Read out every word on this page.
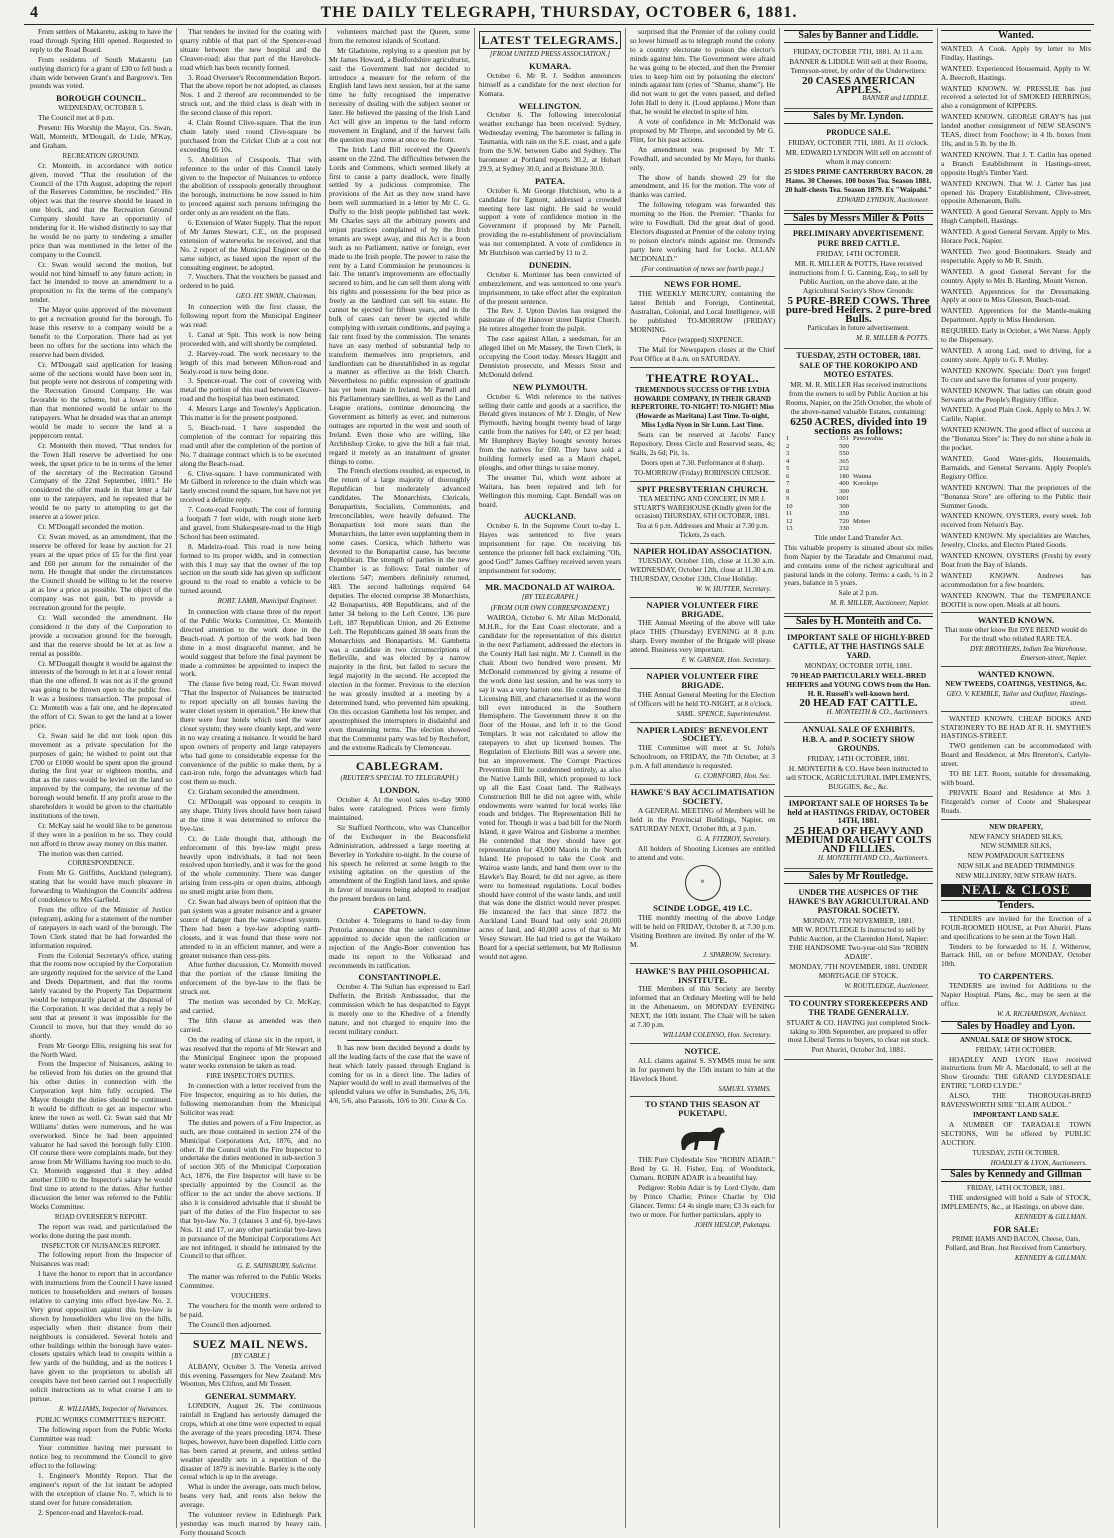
4	THE DAILY TELEGRAPH, THURSDAY, OCTOBER 6, 1881.

From settlers of Makaretu, asking to have the road through Spring Hill opened. Requested to reply to the Road Board.

From residents of South Makaretu (an outlying district) for a grant of £30 to fell bush a chain wide between Grant's and Bargrove's. Ten pounds was voted.

BOROUGH COUNCIL.
WEDNESDAY, OCTOBER 5.

The Council met at 8 p.m.

Present: His Worship the Mayor, Crs. Swan, Wall, Monteith, M'Dougall, de Lisle, M'Kay, and Graham.

RECREATION GROUND.

Cr. Monteith, in accordance with notice given, moved "That the resolution of the Council of the 17th August, adopting the report of the Reserves Committee, be rescinded." His object was that the reserve should be leased in one block, and that the Recreation Ground Company should have an opportunity of tendering for it. He wished distinctly to say that he would be no party to tendering a smaller price than was mentioned in the letter of the company to the Council.

Cr. Swan would second the motion, but would not bind himself to any future action; in fact he intended to move an amendment to a proposition to fix the terms of the company's tender.

The Mayor quite approved of the movement to get a recreation ground for the borough. To lease this reserve to a company would be a benefit to the Corporation. There had as yet been no offers for the sections into which the reserve had been divided.

Cr. M'Dougall said application for leasing some of the sections would have been sent in, but people were not desirous of competing with the Recreation Ground Company. He was favorable to the scheme, but a lower amount than that mentioned would be unfair to the ratepayers. What he dreaded was that an attempt would be made to secure the land at a peppercorn rental.

Cr. Monteith then moved, "That tenders for the Town Hall reserve be advertised for one week, the upset price to be in terms of the letter of the secretary of the Recreation Ground Company of the 22nd September, 1881." He considered the offer made in that letter a fair one to the ratepayers, and he repeated that he would be no party to attempting to get the reserve at a lower price.

Cr. M'Dougall seconded the motion.

Cr. Swan moved, as an amendment, that the reserve be offered for lease by auction for 21 years at the upset price of £5 for the first year and £60 per annum for the remainder of the term. He thought that under the circumstances the Council should be willing to let the reserve at as low a price as possible. The object of the company was not gain, but to provide a recreation ground for the people.

Cr. Wall seconded the amendment. He considered it the duty of the Corporation to provide a recreation ground for the borough, and that the reserve should be let at as low a rental as possible.

Cr. M'Dougall thought it would be against the interests of the borough to let it at a lower rental than the one offered. It was not as if the ground was going to be thrown open to the public free. It was a business transaction. The proposal of Cr. Monteith was a fair one, and he deprecated the effort of Cr. Swan to get the land at a lower price.

Cr. Swan said he did not look upon this movement as a private speculation for the purposes of gain; he wished to point out that £700 or £1000 would be spent upon the ground during the first year or eighteen months, and that as the rates would be levied on the land so improved by the company, the revenue of the borough would benefit. If any profit arose to the shareholders it would be given to the charitable institutions of the town.

Cr. McKay said he would like to be generous if they were in a position to be so. They could not afford to throw away money on this matter.

The motion was then carried.

CORRESPONDENCE.

From Mr G. Griffiths, Auckland (telegram), stating that he would have much pleasure in forwarding to Washington the Councils' address of condolence to Mrs Garfield.

From the office of the Minister of Justice (telegram), asking for a statement of the number of ratepayers in each ward of the borough. The Town Clerk stated that he had forwarded the information required.

From the Colonial Secretary's office, stating that the rooms now occupied by the Corporation are urgently required for the service of the Land and Deeds Department, and that the rooms lately vacated by the Property Tax Department would be temporarily placed at the disposal of the Corporation. It was decided that a reply be sent that at present it was impossible for the Council to move, but that they would do so shortly.

From Mr George Ellis, resigning his seat for the North Ward.

From the Inspector of Nuisances, asking to be relieved from his duties on the ground that his other duties in connection with the Corporation kept him fully occupied. The Mayor thought the duties should be continued. It would be difficult to get an inspector who knew the town as well. Cr. Swan said that Mr Williams' duties were numerous, and he was overworked. Since he had been appointed valuator he had saved the borough fully £100. Of course there were complaints made, but they arose from Mr Williams having too much to do. Cr. Monteith suggested that it they added another £100 to the Inspector's salary he would find time to attend to the duties. After further discussion the letter was referred to the Public Works Committee.

ROAD OVERSEER'S REPORT.

The report was read, and particularised the works done during the past month.

INSPECTOR OF NUISANCES REPORT.

The following report from the Inspector of Nuisances was read:

I have the honor to report that in accordance with instructions from the Council I have issued notices to householders and owners of houses relative to carrying into effect bye-law No. 2. Very great opposition against this bye-law is shown by householders who live on the hills, especially when their distance from their neighbours is considered. Several hotels and other buildings within the borough have water-closets upstairs which lead to cesspits within a few yards of the building, and as the notices I have given to the proprietors to abolish all cesspits have not been carried out I respectfully solicit instructions as to what course I am to pursue.

R. WILLIAMS, Inspector of Nuisances.
PUBLIC WORKS COMMITTEE'S REPORT.

The following report from the Public Works Committee was read:

Your committee having met pursuant to notice beg to recommend the Council to give effect to the following:

1. Engineer's Monthly Report. That the engineer's report of the 1st instant be adopted with the exception of clause No. 7, which is to stand over for future consideration.

2. Spencer-road and Havelock-road.

That tenders be invited for the coating with quarry rubble of that part of the Spencer-road situate between the new hospital and the Cleaver-road; also that part of the Havelock-road which has been recently formed.

3. Road Overseer's Recommendation Report. That the above report be not adopted, as clauses Nos. 1 and 2 thereof are recommended to be struck out, and the third class is dealt with in the second clause of this report.

4. Clain Round Clive-square. That the iron chain lately used round Clive-square be purchased from the Cricket Club at a cost not exceeding £6 10s.

5. Abolition of Cesspools. That with reference to the order of this Council lately given to the Inspector of Nuisances to enforce the abolition of cesspools generally throughout the borough, instructions be now issued to him to proceed against such persons infringing the order only as are resident on the flats.

6. Extension of Water Supply. That the report of Mr James Stewart, C.E., on the proposed extension of waterworks be received, and that No. 2 report of the Municipal Engineer on the same subject, as based upon the report of the consulting engineer, be adopted.

7. Vouchers. That the vouchers be passed and ordered to be paid.

GEO. HY. SWAN, Chairman.

In connection with the first clause, the following report from the Municipal Engineer was read:

1. Canal at Spit. This work is now being proceeded with, and will shortly be completed.

2. Harvey-road. The work necessary to the length of this road between Milton-road and Sealy-road is now being done.

3. Spencer-road. The cost of covering with metal the portion of this road between Cleaver-road and the hospital has been estimated.

4. Messrs Large and Townley's Application. This matter is for the present postponed.

5. Beach-road. I have suspended the completion of the contract for repairing this road until after the completion of the portion of No. 7 drainage contract which is to be executed along the Beach-road.

6. Clive-square. I have communicated with Mr Gilberd in reference to the chain which was lately erected round the square, but have not yet received a definite reply.

7. Coote-road Footpath. The cost of forming a footpath 7 feet wide, with rough stone kerb and gravel, from Shakespeare-road to the High School has been estimated.

8. Madeira-road. This road is now being formed to its proper width, and in connection with this I may say that the owner of the top section on the south side has given up sufficient ground to the road to enable a vehicle to be turned around.

ROBT. LAMB, Municipal Engineer.

In connection with clause three of the report of the Public Works Committee, Cr. Monteith directed attention to the work done in the Beach-road. A portion of the work had been done in a most disgraceful manner, and he would suggest that before the final payment be made a committee be appointed to inspect the work.

The clause five being read, Cr. Swan moved "That the Inspector of Nuisances be instructed to report specially on all houses having the water closet system in operation." He knew that there were four hotels which used the water closet system; they were cleanly kept, and were in no way creating a nuisance. It would be hard upon owners of property and large ratepayers who had gone to considerable expense for the convenience of the public to make them, by a cast-iron rule, forgo the advantages which had cost them so much.

Cr. Graham seconded the amendment.

Cr. M'Dougall was opposed to cesspits in any shape. Thirty lives should have been raised at the time it was determined to enforce the bye-law.

Cr. de Lisle thought that, although the enforcement of this bye-law might press heavily upon individuals, it had not been resolved upon hurriedly, and it was for the good of the whole community. There was danger arising from cess-pits or open drains, although no smell might arise from them.

Cr. Swan had always been of opinion that the pan system was a greater nuisance and a greater source of danger than the water-closet system. There had been a bye-law adopting earth-closets, and it was found that these were not attended to in an efficient manner, and were a greater nuisance than cess-pits.

After further discussion, Cr. Monteith moved that the portion of the clause limiting the enforcement of the bye-law to the flats be struck out.

The motion was seconded by Cr. McKay, and carried.

The fifth clause as amended was then carried.

On the reading of clause six in the report, it was resolved that the reports of Mr Stewart and the Municipal Engineer upon the proposed water works extension be taken as read.

FIRE INSPECTOR'S DUTIES.

In connection with a letter received from the Fire Inspector, enquiring as to his duties, the following memorandum from the Municipal Solicitor was read:

The duties and powers of a Fire Inspector, as such, are those contained in section 274 of the Municipal Corporations Act, 1876, and no other. If the Council wish the Fire Inspector to undertake the duties mentioned in sub-section 3 of section 305 of the Municipal Corporation Act, 1876, the Fire Inspector will have to be specially appointed by the Council as the officer to the act under the above sections. If also it is considered advisable that it should be part of the duties of the Fire Inspector to see that bye-law No. 3 (clauses 3 and 6), bye-laws Nos. 11 and 17, or any other particular bye-laws in pursuance of the Municipal Corporations Act are not infringed, it should be intimated by the Council to that officer.

G. E. SAINSBURY, Solicitor.

The matter was referred to the Public Works Committee.

VOUCHERS.

The vouchers for the month were ordered to be paid.

The Council then adjourned.

SUEZ MAIL NEWS.
[BY CABLE.]

ALBANY, October 3. The Venetia arrived this evening. Passengers for New Zealand: Mrs Wootton, Mrs Clifton, and Mr Tossett.

GENERAL SUMMARY.

LONDON, August 26. The continuous rainfall in England has seriously damaged the crops, which at one time were expected to equal the average of the years preceding 1874. These hopes, however, have been dispelled. Little corn has been carted at present, and unless settled weather speedily sets in a repetition of the disaster of 1879 is inevitable. Barley is the only cereal which is up to the average.

What is under the average, oats much below, beans very bad, and roots also below the average.

The volunteer review in Edinburgh Park yesterday was much marred by heavy rain. Forty thousand Scotch

volunteers marched past the Queen, some from the remotest islands of Scotland.

Mr Gladstone, replying to a question put by Mr James Howard, a Bedfordshire agriculturist, said the Government had not decided to introduce a measure for the reform of the English land laws next session, but at the same time he fully recognised the imperative necessity of dealing with the subject sooner or later. He believed the passing of the Irish Land Act will give an impetus to the land reform movement in England, and if the harvest fails the question may come at once to the front.

The Irish Land Bill received the Queen's assent on the 22nd. The difficulties between the Lords and Commons, which seemed likely at first to cause a party deadlock, were finally settled by a judicious compromise. The provisions of the Act as they now stand have been well summarised in a letter by Mr C. G. Duffy to the Irish people published last week. Mr Charles says all the arbitrary powers and unjust practices complained of by the Irish tenants are swept away, and this Act is a boon such as no Parliament, native or foreign, ever made to the Irish people. The power to raise the rent by a Land Commission he pronounces is fair. The tenant's improvements are effectually secured to him, and he can sell them along with his rights and possessions for the best price as freely as the landlord can sell his estate. He cannot be ejected for fifteen years, and in the bulk of cases can never be ejected while complying with certain conditions, and paying a fair rent fixed by the commission. The tenants have an easy method of substantial help to transform themselves into proprietors, and landlordism can be disestablished in as regular a manner as effective as the Irish Church. Nevertheless no public expression of gratitude has yet been made in Ireland. Mr Parnell and his Parliamentary satellites, as well as the Land League orations, continue denouncing the Government as bitterly as ever, and numerous outrages are reported in the west and south of Ireland. Even those who are willing, like Archbishop Croke, to give the bill a fair trial, regard it merely as an instalment of greater things to come.

The French elections resulted, as expected, in the return of a large majority of thoroughly Republican but moderately advanced candidates. The Monarchists, Clericals, Bonapartists, Socialists, Communists, and Irreconcilables, were heavily defeated. The Bonapartists lost more seats than the Monarchists, the latter even supplanting them in some cases. Corsica, which hitherto was devoted to the Bonapartist cause, has become Republican. The strength of parties in the new Chamber is as follows: Total number of elections 547; members definitely returned, 483. The second ballotings required 64 deputies. The elected comprise 38 Monarchists, 42 Bonapartists, 408 Republicans, and of the latter 34 belong to the Left Centre, 136 pure Left, 187 Republican Union, and 26 Extreme Left. The Republicans gained 38 seats from the Monarchists and Bonapartists. M. Gambetta was a candidate in two circumscriptions of Belleville, and was elected by a narrow majority in the first, but failed to secure the legal majority in the second. He accepted the election in the former. Previous to the election he was grossly insulted at a meeting by a determined band, who prevented him speaking. On this occasion Gambetta lost his temper, and apostrophised the interrupters in disdainful and even threatening terms. The election showed that the Communist party was led by Rochefort, and the extreme Radicals by Clemenceau.

CABLEGRAM.
(REUTER'S SPECIAL TO TELEGRAPH.)
LONDON.

October 4. At the wool sales to-day 9000 bales were catalogued. Prices were firmly maintained.

Sir Stafford Northcote, who was Chancellor of the Exchequer in the Beaconsfield Administration, addressed a large meeting at Beverley in Yorkshire to-night. In the course of his speech he referred at some length to the existing agitation on the question of the amendment of the English land laws, and spoke in favor of measures being adopted to readjust the present burdens on land.

CAPETOWN.

October 4. Telegrams to hand to-day from Pretoria announce that the select committee appointed to decide upon the ratification or rejection of the Anglo-Boer convention has made its report to the Volksraad and recommends its ratification.

CONSTANTINOPLE.

October 4. The Sultan has expressed to Earl Dufferin, the British Ambassador, that the commission which he has despatched to Egypt is merely one to the Khedive of a friendly nature, and not charged to enquire into the recent military conduct.

It has now been decided beyond a doubt by all the leading facts of the case that the wave of heat which lately passed through England is coming for us in a direct line. The ladies of Napier would do well to avail themselves of the splendid values we offer in Sunshades, 2/6, 3/6, 4/6, 5/6, also Parasols, 10/6 to 30/. Coxe & Co.

LATEST TELEGRAMS.
[FROM UNITED PRESS ASSOCIATION.]
KUMARA.

October 6. Mr R. J. Seddon announces himself as a candidate for the next election for Kumara.

WELLINGTON.

October 6. The following intercolonial weather exchange has been received: Sydney, Wednesday evening. The barometer is falling in Tasmania, with rain on the S.E. coast, and a gale from the S.W. between Gabo and Sydney. The barometer at Portland reports 30.2, at Hobart 29.9, at Sydney 30.0, and at Brisbane 30.0.

PATEA.

October 6. Mr George Hutchison, who is a candidate for Egmont, addressed a crowded meeting here last night. He said he would support a vote of confidence motion in the Government if proposed by Mr Parnell, providing the re-establishment of provincialism was not contemplated. A vote of confidence in Mr Hutchison was carried by 11 to 2.

DUNEDIN.

October 6. Mortimer has been convicted of embezzlement, and was sentenced to one year's imprisonment, to take effect after the expiration of the present sentence.

The Rev. J. Upton Davies has resigned the pastorate of the Hanover street Baptist Church. He retires altogether from the pulpit.

The case against Allan, a seedsman, for an alleged libel on Mr Massey, the Town Clerk, is occupying the Court today. Messrs Haggitt and Denniston prosecute, and Messrs Stout and McDonald defend.

NEW PLYMOUTH.

October 6. With reference to the natives selling their cattle and goods at a sacrifice, the Herald gives instances of Mr J. Dingle, of New Plymouth, having bought twenty head of large cattle from the natives for £40, or £2 per head; Mr Humphrey Bayley bought seventy horses from the natives for £60. They have sold a building formerly used as a Maori chapel, ploughs, and other things to raise money.

The steamer Tui, which went ashore at Waitara, has been repaired and left for Wellington this morning. Capt. Bendall was on board.

AUCKLAND.

October 6. In the Supreme Court to-day L. Hayes was sentenced to five years imprisonment for rape. On receiving his sentence the prisoner fell back exclaiming "Oh, good God!" James Gaffney received seven years imprisonment for sodomy.

MR. MACDONALD AT WAIROA.
[BY TELEGRAPH.]
(FROM OUR OWN CORRESPONDENT.)

WAIROA, October 6. Mr Allan McDonald, M.H.R., for the East Coast electorate, and a candidate for the representation of this district in the next Parliament, addressed the electors in the County Hall last night. Mr J. Cunnell in the chair. About two hundred were present. Mr McDonald commenced by giving a resume of the work done last session, and he was sorry to say it was a very barren one. He condemned the Licensing Bill, and characterised it as the worst bill ever introduced in the Southern Hemisphere. The Government threw it on the floor of the House, and left it to the Good Templars. It was not calculated to allow the ratepayers to shut up licensed houses. The Regulation of Elections Bill was a severe one, but an improvement. The Corrupt Practices Prevention Bill he condemned entirely, as also the Native Lands Bill, which proposed to lock up all the East Coast land. The Railways Construction Bill he did not agree with, while endowments were wanted for local works like roads and bridges. The Representation Bill he voted for. Though it was a bad bill for the North Island, it gave Wairoa and Gisborne a member. He contended that they should have got representation for 43,000 Maoris in the North Island. He proposed to take the Cook and Wairoa waste lands, and hand them over to the Hawke's Bay Board; he did not agree, as there were no homestead regulations. Local bodies should have control of the waste lands, and until that was done the district would never prosper. He instanced the fact that since 1872 the Auckland Land Board had only sold 20,000 acres of land, and 40,000 acres of that to Mr Vesey Stewart. He had tried to get the Waikato Board for a special settlement, but Mr Rolleston would not agree.

surprised that the Premier of the colony could so lower himself as to telegraph round the colony to a country electorate to poison the elector's minds against him. The Government were afraid he was going to be elected, and then the Premier tries to keep him out by poisoning the electors' minds against him (cries of "Shame, shame"). He did not want to get the votes passed, and defied John Hall to deny it. (Loud applause.) More than that, he would be elected in spite of him.

A vote of confidence in Mr McDonald was proposed by Mr Thorpe, and seconded by Mr G. Flint, for his past actions.

An amendment was proposed by Mr T. Fowdhall, and seconded by Mr Mayo, for thanks only.

The show of hands showed 29 for the amendment, and 16 for the motion. The vote of thanks was carried.

The following telegram was forwarded this morning to the Hon. the Premier: "Thanks for wire to Fowdhall. Did the great deal of good. Electors disgusted at Premier of the colony trying to poison elector's minds against me. Ormond's party here working hard for Locke. ALLAN MCDONALD."

(For continuation of news see fourth page.)
NEWS FOR HOME.

THE WEEKLY MERCURY, containing the latest British and Foreign, Continental, Australian, Colonial, and Local Intelligence, will be published TO-MORROW (FRIDAY) MORNING.

Price (wrapped) SIXPENCE.

The Mail for Newspapers closes at the Chief Post Office at 8 a.m. on SATURDAY.

THEATRE ROYAL.
TREMENDOUS SUCCESS OF THE LYDIA HOWARDE COMPANY, IN THEIR GRAND REPERTOIRE. TO-NIGHT! TO-NIGHT! Miss (Howarde as Maritana) Last Time. To-night, Miss Lydia Nyon in Sir Lunn. Last Time.

Seats can be reserved at Jacobs' Fancy Repository. Dress Circle and Reserved seats, 4s; Stalls, 2s 6d; Pit, 1s.

Doors open at 7.30. Performance at 8 sharp.
TO-MORROW (Friday) ROBINSON CRUSOE.
SPIT PRESBYTERIAN CHURCH.
TEA MEETING AND CONCERT, IN MR J. STUART'S WAREHOUSE (Kindly given for the occasion) THURSDAY, 6TH OCTOBER, 1881.
Tea at 6 p.m. Addresses and Music at 7.30 p.m. Tickets, 2s each.
NAPIER HOLIDAY ASSOCIATION.

TUESDAY, October 11th, close at 11.30 a.m. WEDNESDAY, October 12th, close at 11.30 a.m. THURSDAY, October 13th, Close Holiday.

W. W. HUTTER, Secretary.
NAPIER VOLUNTEER FIRE BRIGADE.

THE Annual Meeting of the above will take place THIS (Thursday) EVENING at 8 p.m. sharp. Every member of the Brigade will please attend. Business very important.

F. W. GARNER, Hon. Secretary.
NAPIER VOLUNTEER FIRE BRIGADE.

THE Annual General Meeting for the Election of Officers will be held TO-NIGHT, at 8 o'clock.

SAML. SPENCE, Superintendent.
NAPIER LADIES' BENEVOLENT SOCIETY.

THE Committee will meet at St. John's Schoolroom, on FRIDAY, the 7th October, at 3 p.m. A full attendance is requested.

G. CORNFORD, Hon. Sec.
HAWKE'S BAY ACCLIMATISATION SOCIETY.

A GENERAL MEETING of Members will be held in the Provincial Buildings, Napier, on SATURDAY NEXT, October 8th, at 3 p.m.

G. A. FITZROY, Secretary.

All holders of Shooting Licenses are entitled to attend and vote.

✡
SCINDE LODGE, 419 I.C.

THE monthly meeting of the above Lodge will be held on FRIDAY, October 8, at 7.30 p.m. Visiting Brethren are invited. By order of the W. M.

J. SPARROW, Secretary.
HAWKE'S BAY PHILOSOPHICAL INSTITUTE.

THE Members of this Society are hereby informed that an Ordinary Meeting will be held in the Athenaeum, on MONDAY EVENING NEXT, the 10th instant. The Chair will be taken at 7.30 p.m.

WILLIAM COLENSO, Hon. Secretary.
NOTICE.

ALL claims against S. SYMMS must be sent in for payment by the 15th instant to him at the Havelock Hotel.

SAMUEL SYMMS.
TO STAND THIS SEASON AT PUKETAPU.

THE Pure Clydesdale Sire "ROBIN ADAIR." Bred by G. H. Fisher, Esq. of Woodstock, Oamaru. ROBIN ADAIR is a beautiful bay.

Pedigree: Robin Adair is by Lord Clyde, dam by Prince Charlie; Prince Charlie by Old Glancer. Terms: £4 4s single mare; £3 3s each for two or more. For further particulars, apply to

JOHN HESLOP, Puketapu.
Sales by Banner and Liddle.
FRIDAY, OCTOBER 7TH, 1881. At 11 a.m.
BANNER & LIDDLE Will sell at their Rooms, Tennyson-street, by order of the Underwriters:
20 CASES AMERICAN APPLES.
BANNER and LIDDLE.
Sales by Mr. Lyndon.
PRODUCE SALE.
FRIDAY, OCTOBER 7TH, 1881. At 11 o'clock.
MR. EDWARD LYNDON Will sell on account of whom it may concern:
25 SIDES PRIME CANTERBURY BACON. 20 Hams. 30 Cheeses. 100 boxes Tea. Season 1881. 20 half-chests Tea. Season 1879. Ex "Waipahi."
EDWARD LYNDON, Auctioneer.
Sales by Messrs Miller & Potts
PRELIMINARY ADVERTISEMENT.
PURE BRED CATTLE.
FRIDAY, 14TH OCTOBER.
MR. R. MILLER & POTTS, Have received instructions from J. G. Canning, Esq., to sell by Public Auction, on the above date, at the Agricultural Society's Show Grounds:
5 PURE-BRED COWS. Three pure-bred Heifers. 2 pure-bred Bulls.
Particulars in future advertisement.
M. R. MILLER & POTTS.
TUESDAY, 25TH OCTOBER, 1881.
SALE OF THE KOROKIPO AND MOTEO ESTATES.
MR. M. R. MILLER Has received instructions from the owners to sell by Public Auction at his Rooms, Napier, on the 25th October, the whole of the above-named valuable Estates, containing:
6250 ACRES, divided into 19 sections as follows:
1	351	Pawawahia
2	500	
3	550	
4	365	
5	232	
6	180	Waima
7	400	Korokipo
8	300	
9	1001	
10	300	
11	350	
12	720	Moteo
13	330	
Title under Land Transfer Act.
This valuable property is situated about six miles from Napier by the Taradale and Omarunui road, and contains some of the richest agricultural and pastoral lands in the colony. Terms: a cash, ½ in 2 years, balance in 5 years.
Sale at 2 p.m.
M. R. MILLER, Auctioneer, Napier.
Sales by H. Monteith and Co.
IMPORTANT SALE OF HIGHLY-BRED CATTLE, AT THE HASTINGS SALE YARD.
MONDAY, OCTOBER 10TH, 1881.
70 HEAD PARTICULARLY WELL-BRED HEIFERS and YOUNG COWS from the Hon. H. R. Russell's well-known herd.
20 HEAD FAT CATTLE.
H. MONTEITH & CO., Auctioneers.
ANNUAL SALE OF EXHIBITS.
H.B. A. and P. SOCIETY SHOW GROUNDS.
FRIDAY, 14TH OCTOBER, 1881.
H. MONTEITH & CO. Have been instructed to sell STOCK, AGRICULTURAL IMPLEMENTS, BUGGIES, &c., &c.
IMPORTANT SALE OF HORSES To be held at HASTINGS FRIDAY, OCTOBER 14TH, 1881.
25 HEAD OF HEAVY AND MEDIUM DRAUGHT COLTS AND FILLIES.
H. MONTEITH AND CO., Auctioneers.
Sales by Mr Routledge.
UNDER THE AUSPICES OF THE HAWKE'S BAY AGRICULTURAL AND PASTORAL SOCIETY.
MONDAY, 7TH NOVEMBER, 1881.
MR W. ROUTLEDGE Is instructed to sell by Public Auction, at the Clarendon Hotel, Napier: THE HANDSOME Two-year-old Sire "ROBIN ADAIR".
MONDAY, 7TH NOVEMBER, 1881. UNDER MORTGAGE OF STOCK.
W. ROUTLEDGE, Auctioneer.
TO COUNTRY STOREKEEPERS AND THE TRADE GENERALLY.
STUART & CO. HAVING just completed Stock-taking to 30th September, are prepared to offer most Liberal Terms to buyers, to clear out stock.
Port Ahuriri, October 3rd, 1881.
Wanted.

WANTED. A Cook. Apply by letter to Mrs Findlay, Hastings.

WANTED. Experienced Housemaid. Apply to W. A. Beecroft, Hastings.

WANTED KNOWN. W. PRESSLIE has just received a selected lot of SMOKED HERRINGS; also a consignment of KIPPERS.

WANTED KNOWN. GEORGE GRAY'S has just landed another consignment of NEW SEASON'S TEAS, direct from Foochow; in 4 lb. boxes from 10s, and in 5 lb. by the lb.

WANTED KNOWN. That J. T. Catlin has opened a Branch Establishment in Hastings-street, opposite Hugh's Timber Yard.

WANTED KNOWN. That W. J. Carter has just opened his Drapery Establishment, Clive-street, opposite Athenaeum, Bulls.

WANTED. A good General Servant. Apply to Mrs Hugh Campbell, Hastings.

WANTED. A good General Servant. Apply to Mrs. Horace Peck, Napier.

WANTED. Two good Bootmakers. Steady and respectable. Apply to Mr R. Smith.

WANTED. A good General Servant for the country. Apply to Mrs B. Harding, Mount Vernon.

WANTED. Apprentices for the Dressmaking. Apply at once to Miss Gleeson, Beach-road.

WANTED. Apprentices for the Mantle-making Department. Apply to Miss Henderson.

REQUIRED. Early in October, a Wet Nurse. Apply to the Dispensary.

WANTED. A strong Lad, used to driving, for a country store. Apply to G. F. Motley.

WANTED KNOWN. Specials: Don't you forget! To cure and save the fortunes of your property.

WANTED KNOWN. That ladies can obtain good Servants at the People's Registry Office.

WANTED. A good Plain Cook. Apply to Mrs J. W. Carlile, Napier.

WANTED KNOWN. The good effect of success at the "Bonanza Store" is: They do not shine a hole in the pocket.

WANTED. Good Water-girls, Housemaids, Barmaids, and General Servants. Apply People's Registry Office.

WANTED KNOWN. That the proprietors of the "Bonanza Store" are offering to the Public their Summer Goods.

WANTED KNOWN. OYSTERS, every week. Job received from Nelson's Bay.

WANTED KNOWN. My specialities are Watches, Jewelry, Clocks, and Electro Plated Goods.

WANTED KNOWN. OYSTERS (Fresh) by every Boat from the Bay of Islands.

WANTED KNOWN. Andrews has accommodation for a few boarders.

WANTED KNOWN. That the TEMPERANCE BOOTH is now open. Meals at all hours.

WANTED KNOWN.
That none other know But DYE BEEND would do For the thrall who relished RARE TEA.
DYE BROTHERS, Indian Tea Warehouse, Emerson-street, Napier.
WANTED KNOWN.
NEW TWEEDS, COATINGS, VESTINGS, &c.
GEO. V. KEMBLE, Tailor and Outfitter, Hastings-street.

WANTED KNOWN. CHEAP BOOKS AND STATIONERY TO BE HAD AT R. H. SMYTHE'S HASTINGS-STREET.

TWO gentlemen can be accommodated with Board and Residence, at Mrs Brereton's, Carlyle-street.

TO BE LET. Room, suitable for dressmaking, with board.

PRIVATE Board and Residence at Mrs J. Fitzgerald's corner of Coote and Shakespear Roads.

NEW DRAPERY,
NEW FANCY SHADED SILKS,
NEW SUMMER SILKS,
NEW POMPADOUR SATTEENS
NEW SILK and BEADED TRIMMINGS
NEW MILLINERY, NEW STRAW HATS.
NEAL & CLOSE
Tenders.

TENDERS are invited for the Erection of a FOUR-ROOMED HOUSE, at Port Ahuriri. Plans and specifications to be seen at the Town Hall.

Tenders to be forwarded to H. J. Witherow, Barrack Hill, on or before MONDAY, October 10th.

TO CARPENTERS.

TENDERS are invited for Additions to the Napier Hospital. Plans, &c., may be seen at the office.

W. A. RICHARDSON, Architect.
Sales by Hoadley and Lyon.
ANNUAL SALE OF SHOW STOCK.
FRIDAY, 14TH OCTOBER.

HOADLEY AND LYON Have received instructions from Mr A. Macdonald, to sell at the Show Grounds: THE GRAND CLYDESDALE ENTIRE "LORD CLYDE."

ALSO, THE THOROUGH-BRED RAVENSWORTH SIRE "ELAIR AUDOL."

IMPORTANT LAND SALE.

A NUMBER OF TARADALE TOWN SECTIONS, Will be offered by PUBLIC AUCTION.

TUESDAY, 25TH OCTOBER.
HOADLEY & LYON, Auctioneers.
Sales by Kennedy and Gillman
FRIDAY, 14TH OCTOBER, 1881.

THE undersigned will hold a Sale of STOCK, IMPLEMENTS, &c., at Hastings, on above date.

KENNEDY & GILLMAN.
FOR SALE:
PRIME HAMS AND BACON, Cheese, Oats, Pollard, and Bran. Just Received from Canterbury.
KENNEDY & GILLMAN.
